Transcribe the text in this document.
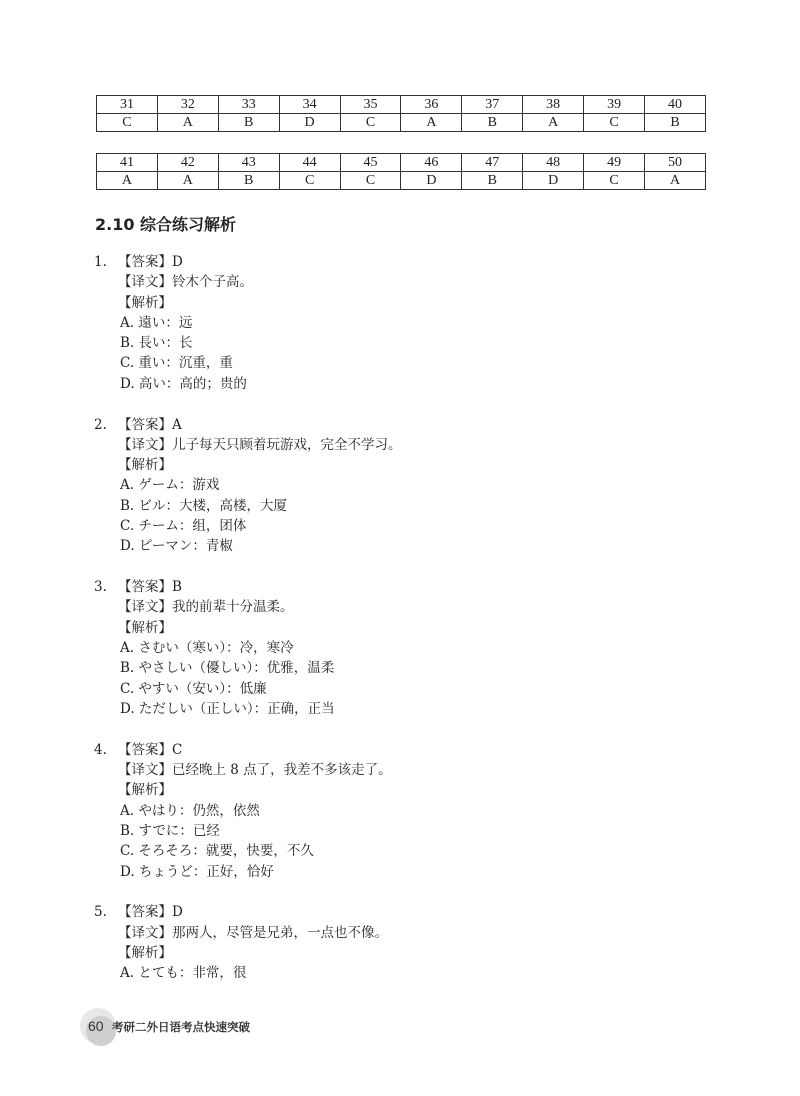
31	32	33	34	35	36	37	38	39	40
C	A	B	D	C	A	B	A	C	B
41	42	43	44	45	46	47	48	49	50
A	A	B	C	C	D	B	D	C	A
2.10 综合练习解析
1. 【答案】 D
【译文】铃木个子高。
【解析】
A. 遠い：远
B. 長い：长
C. 重い：沉重，重
D. 高い：高的；贵的
2. 【答案】 A
【译文】儿子每天只顾着玩游戏，完全不学习。
【解析】
A. ゲーム：游戏
B. ビル：大楼，高楼，大厦
C. チーム：组，团体
D. ピーマン：青椒
3. 【答案】 B
【译文】我的前辈十分温柔。
【解析】
A. さむい（寒い）：冷，寒冷
B. やさしい（優しい）：优雅，温柔
C. やすい（安い）：低廉
D. ただしい（正しい）：正确，正当
4. 【答案】 C
【译文】已经晚上 8 点了，我差不多该走了。
【解析】
A. やはり：仍然，依然
B. すでに：已经
C. そろそろ：就要，快要，不久
D. ちょうど：正好，恰好
5. 【答案】 D
【译文】那两人，尽管是兄弟，一点也不像。
【解析】
A. とても：非常，很
60 考研二外日语考点快速突破
